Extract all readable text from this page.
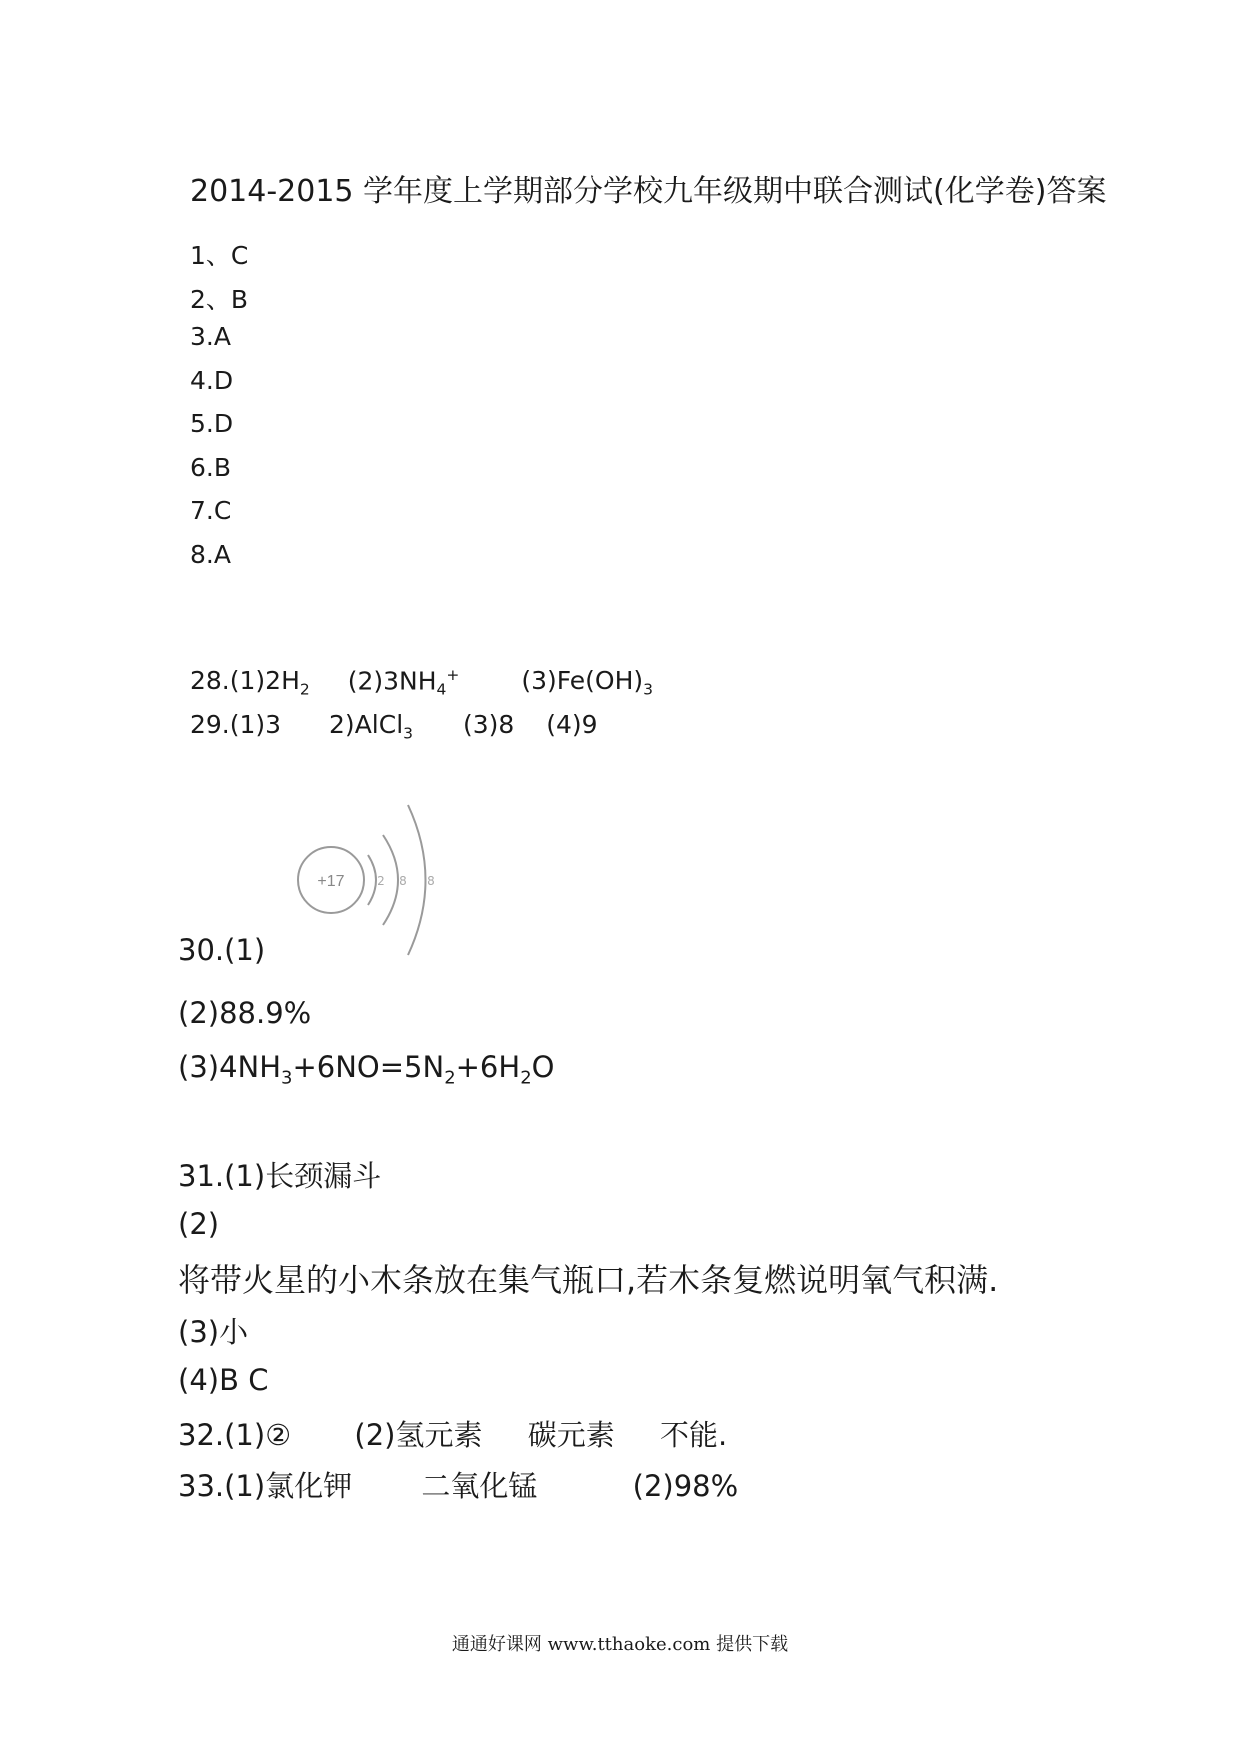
2014-2015 学年度上学期部分学校九年级期中联合测试(化学卷)答案
1、C
2、B
3.A
4.D
5.D
6.B
7.C
8.A
$28.(1)2H_2$ $(2)3NH_4^+$ $(3)Fe(OH)_3$
29.(1)3 2)AlCl$_3$ (3)8 (4)9
+17	2 8 8
30.(1)
(2)88.9%
$(3)4NH_3+6NO=5N_2+6H_2O$
31.(1)长颈漏斗
(2)
将带火星的小木条放在集气瓶口,若木条复燃说明氧气积满.
(3)小
(4)B C
32.(1)② (2)氢元素 碳元素 不能.
33.(1)氯化钾 二氧化锰	(2)98%
通通好课网 www.tthaoke.com 提供下载
